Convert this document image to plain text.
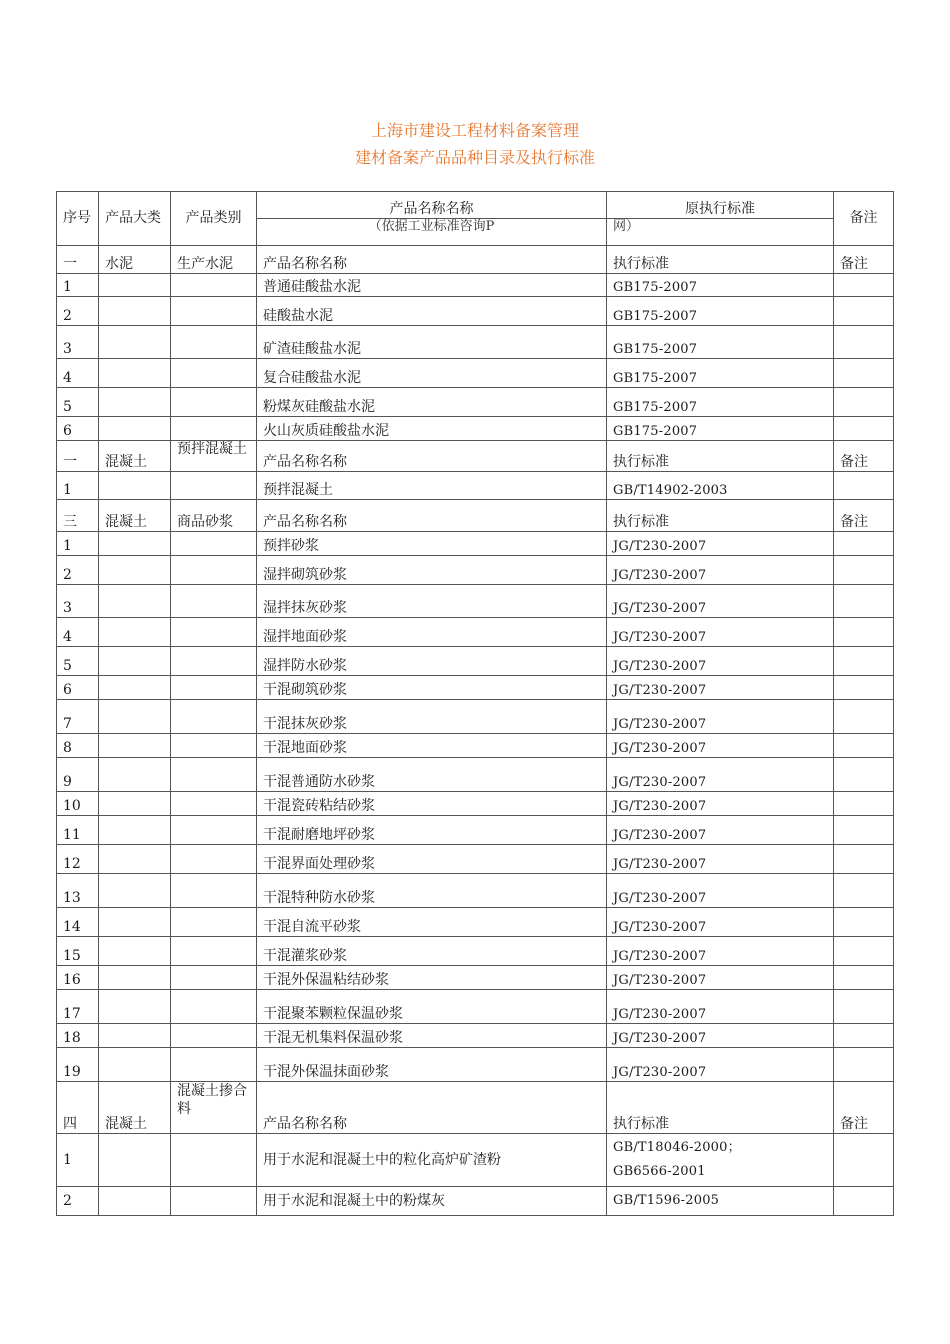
上海市建设工程材料备案管理
建材备案产品品种目录及执行标准
序号	产品大类	产品类别	产品名称名称	原执行标准	备注
			（依据工业标准咨询P	网）	
一	水泥	生产水泥	产品名称名称	执行标准	备注
1			普通硅酸盐水泥	GB175-2007	
2			硅酸盐水泥	GB175-2007	
3			矿渣硅酸盐水泥	GB175-2007	
4			复合硅酸盐水泥	GB175-2007	
5			粉煤灰硅酸盐水泥	GB175-2007	
6			火山灰质硅酸盐水泥	GB175-2007	
一	混凝土	预拌混凝土	产品名称名称	执行标准	备注
1			预拌混凝土	GB/T14902-2003	
三	混凝土	商品砂浆	产品名称名称	执行标准	备注
1			预拌砂浆	JG/T230-2007	
2			湿拌砌筑砂浆	JG/T230-2007	
3			湿拌抹灰砂浆	JG/T230-2007	
4			湿拌地面砂浆	JG/T230-2007	
5			湿拌防水砂浆	JG/T230-2007	
6			干混砌筑砂浆	JG/T230-2007	
7			干混抹灰砂浆	JG/T230-2007	
8			干混地面砂浆	JG/T230-2007	
9			干混普通防水砂浆	JG/T230-2007	
10			干混瓷砖粘结砂浆	JG/T230-2007	
11			干混耐磨地坪砂浆	JG/T230-2007	
12			干混界面处理砂浆	JG/T230-2007	
13			干混特种防水砂浆	JG/T230-2007	
14			干混自流平砂浆	JG/T230-2007	
15			干混灌浆砂浆	JG/T230-2007	
16			干混外保温粘结砂浆	JG/T230-2007	
17			干混聚苯颗粒保温砂浆	JG/T230-2007	
18			干混无机集料保温砂浆	JG/T230-2007	
19			干混外保温抹面砂浆	JG/T230-2007	
四	混凝土	混凝土掺合料	产品名称名称	执行标准	备注
1			用于水泥和混凝土中的粒化高炉矿渣粉	GB/T18046-2000；
GB6566-2001	
2			用于水泥和混凝土中的粉煤灰	GB/T1596-2005	
